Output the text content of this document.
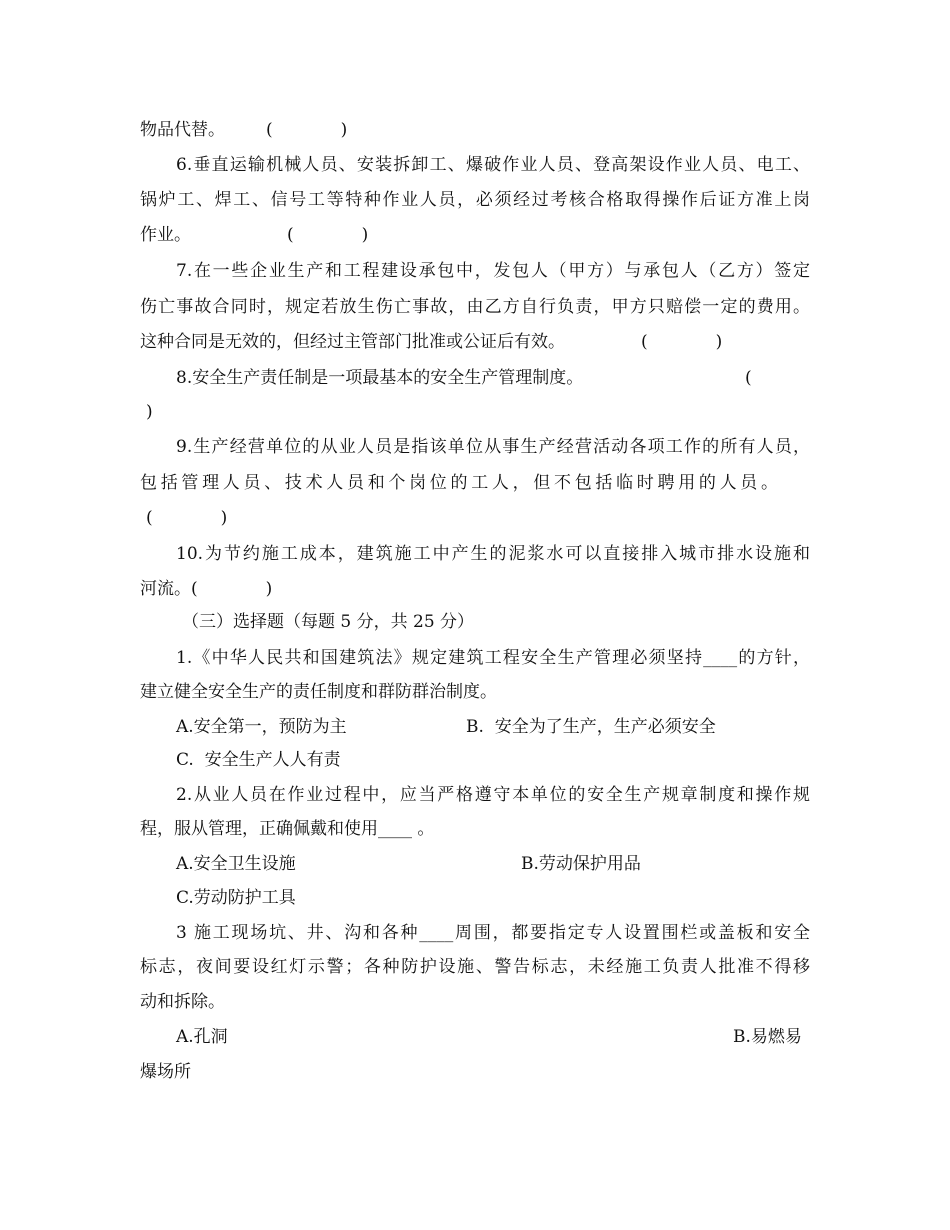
物品代替。

(　　　　)

6.垂直运输机械人员、安装拆卸工、爆破作业人员、登高架设作业人员、电工、

锅炉工、焊工、信号工等特种作业人员，必须经过考核合格取得操作后证方准上岗

作业。

	(　　　　)

7.在一些企业生产和工程建设承包中，发包人（甲方）与承包人（乙方）签定

伤亡事故合同时，规定若放生伤亡事故，由乙方自行负责，甲方只赔偿一定的费用。

这种合同是无效的，但经过主管部门批准或公证后有效。

	(　　　　)

8.安全生产责任制是一项最基本的安全生产管理制度。

	(

)

9.生产经营单位的从业人员是指该单位从事生产经营活动各项工作的所有人员，

包括管理人员、技术人员和个岗位的工人，但不包括临时聘用的人员。

(　　　　)

10.为节约施工成本，建筑施工中产生的泥浆水可以直接排入城市排水设施和

河流。(　　　　)

（三）选择题（每题 5 分，共 25 分）

1.《中华人民共和国建筑法》规定建筑工程安全生产管理必须坚持____的方针，

建立健全安全生产的责任制度和群防群治制度。

A.安全第一，预防为主

	B.  安全为了生产，生产必须安全

C.  安全生产人人有责

2.从业人员在作业过程中，应当严格遵守本单位的安全生产规章制度和操作规

程，服从管理，正确佩戴和使用____ 。

A.安全卫生设施

	B.劳动保护用品

C.劳动防护工具

3 施工现场坑、井、沟和各种____周围，都要指定专人设置围栏或盖板和安全

标志，夜间要设红灯示警；各种防护设施、警告标志，未经施工负责人批准不得移

动和拆除。

A.孔洞

	B.易燃易

爆场所
